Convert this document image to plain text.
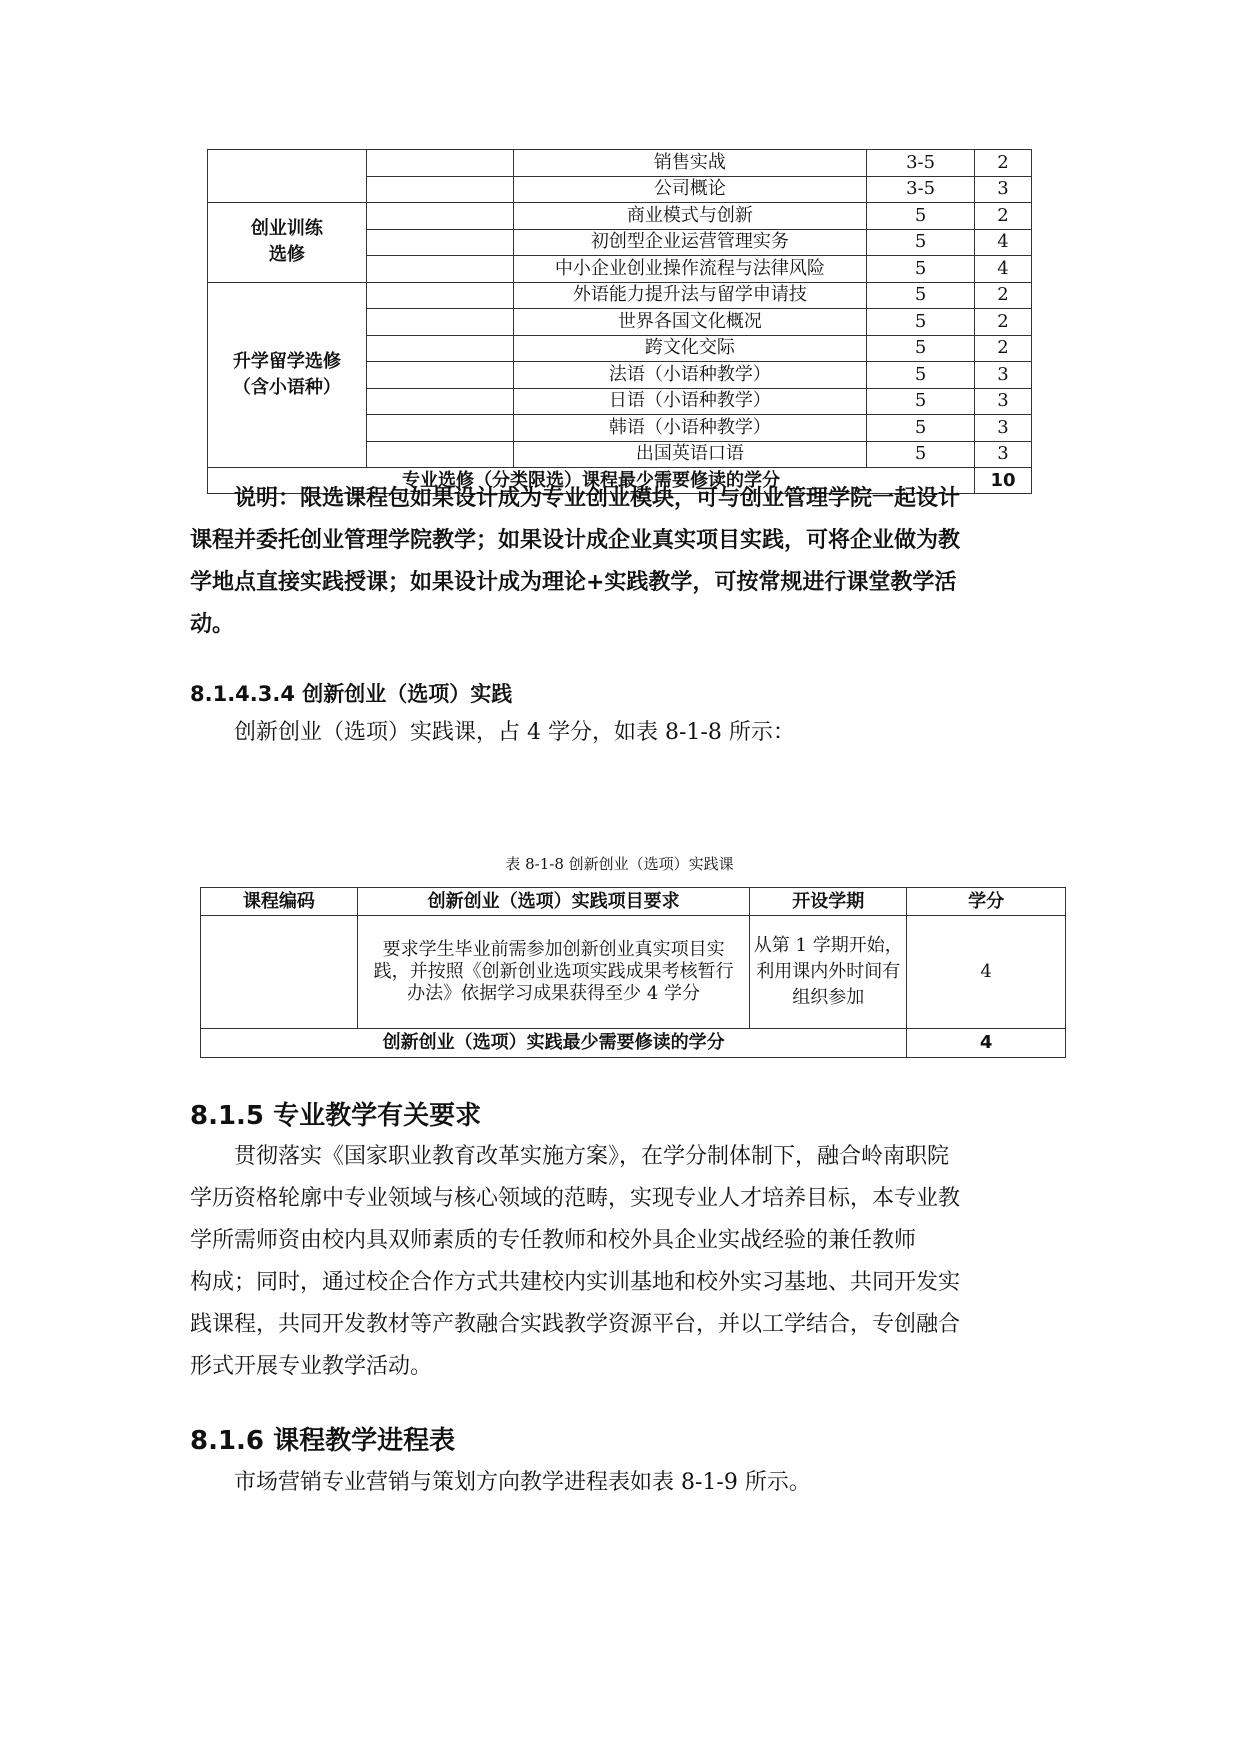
		销售实战	3-5	2
		公司概论	3-5	3

创业训练
选修		商业模式与创新	5	2
		初创型企业运营管理实务	5	4
		中小企业创业操作流程与法律风险	5	4

升学留学选修
（含小语种）		外语能力提升法与留学申请技	5	2
		世界各国文化概况	5	2
		跨文化交际	5	2
		法语（小语种教学）	5	3
		日语（小语种教学）	5	3
		韩语（小语种教学）	5	3
		出国英语口语	5	3
专业选修（分类限选）课程最少需要修读的学分				10
　　说明：限选课程包如果设计成为专业创业模块，可与创业管理学院一起设计
课程并委托创业管理学院教学；如果设计成企业真实项目实践，可将企业做为教
学地点直接实践授课；如果设计成为理论+实践教学，可按常规进行课堂教学活
动。
8.1.4.3.4 创新创业（选项）实践
　　创新创业（选项）实践课，占 4 学分，如表 8-1-8 所示：
表 8-1-8 创新创业（选项）实践课
课程编码	创新创业（选项）实践项目要求	开设学期	学分
	要求学生毕业前需参加创新创业真实项目实践，并按照《创新创业选项实践成果考核暂行办法》依据学习成果获得至少 4 学分	从第 1 学期开始，利用课内外时间有组织参加	4
创新创业（选项）实践最少需要修读的学分			4
8.1.5 专业教学有关要求
　　贯彻落实《国家职业教育改革实施方案》，在学分制体制下，融合岭南职院
学历资格轮廓中专业领域与核心领域的范畴，实现专业人才培养目标，本专业教
学所需师资由校内具双师素质的专任教师和校外具企业实战经验的兼任教师
构成；同时，通过校企合作方式共建校内实训基地和校外实习基地、共同开发实
践课程，共同开发教材等产教融合实践教学资源平台，并以工学结合，专创融合
形式开展专业教学活动。
8.1.6 课程教学进程表
　　市场营销专业营销与策划方向教学进程表如表 8-1-9 所示。
